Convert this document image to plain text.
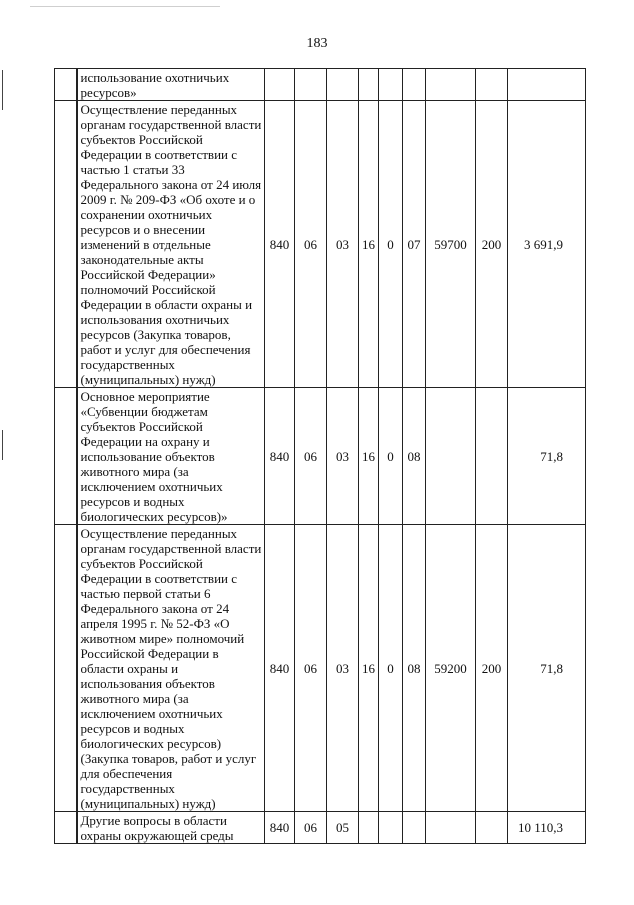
183
	использование охотничьих ресурсов»									
	Осуществление переданных органам государственной власти субъектов Российской Федерации в соответствии с частью 1 статьи 33 Федерального закона от 24 июля 2009 г. № 209-ФЗ «Об охоте и о сохранении охотничьих ресурсов и о внесении изменений в отдельные законодательные акты Российской Федерации» полномочий Российской Федерации в области охраны и использования охотничьих ресурсов (Закупка товаров, работ и услуг для обеспечения государственных (муниципальных) нужд)	840	06	03	16	0	07	59700	200	3 691,9
	Основное мероприятие «Субвенции бюджетам субъектов Российской Федерации на охрану и использование объектов животного мира (за исключением охотничьих ресурсов и водных биологических ресурсов)»	840	06	03	16	0	08			71,8
	Осуществление переданных органам государственной власти субъектов Российской Федерации в соответствии с частью первой статьи 6 Федерального закона от 24 апреля 1995 г. № 52-ФЗ «О животном мире» полномочий Российской Федерации в области охраны и использования объектов животного мира (за исключением охотничьих ресурсов и водных биологических ресурсов) (Закупка товаров, работ и услуг для обеспечения государственных (муниципальных) нужд)	840	06	03	16	0	08	59200	200	71,8
	Другие вопросы в области охраны окружающей среды	840	06	05						10 110,3
